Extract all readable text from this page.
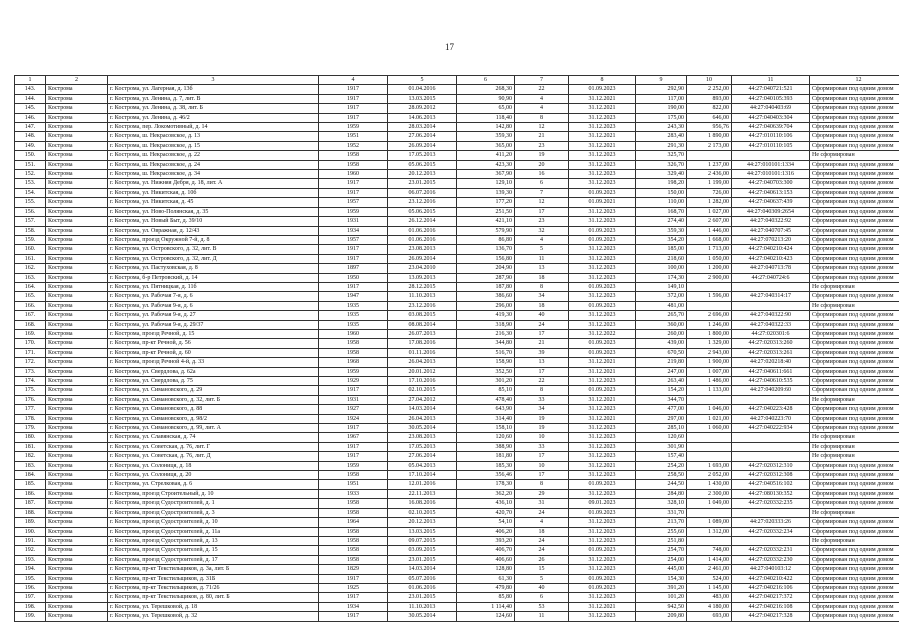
17
1	2	3	4	5	6	7	8	9	10	11	12
143.	Кострома	г. Кострома, ул. Лагерная, д. 13б	1917	01.04.2016	268,30	22	01.09.2023	292,90	2 252,00	44:27:040721:521	Сформирован под одним домом
144.	Кострома	г. Кострома, ул. Ленина, д. 7, лит. В	1917	13.03.2015	90,90	4	31.12.2021	117,00	893,00	44:27:040105:393	Сформирован под одним домом
145.	Кострома	г. Кострома, ул. Ленина, д. 38, лит. Б	1917	28.09.2012	65,00	4	31.12.2021	190,00	822,00	44:27:040403:69	Сформирован под одним домом
146.	Кострома	г. Кострома, ул. Ленина, д. 46/2	1917	14.06.2013	118,40	8	31.12.2023	175,00	646,00	44:27:040403:304	Сформирован под одним домом
147.	Кострома	г. Кострома, пер. Локомотивный, д. 14	1959	28.03.2014	142,80	12	31.12.2023	243,30	956,76	44:27:040639:704	Сформирован под одним домом
148.	Кострома	г. Кострома, ш. Некрасовское, д. 13	1951	27.06.2014	359,30	21	31.12.2021	283,40	1 890,00	44:27:010110:106	Сформирован под одним домом
149.	Кострома	г. Кострома, ш. Некрасовское, д. 15	1952	26.09.2014	365,00	23	31.12.2021	291,30	2 173,00	44:27:010110:105	Сформирован под одним домом
150.	Кострома	г. Кострома, ш. Некрасовское, д. 22	1958	17.05.2013	411,20	19	31.12.2023	325,70			Не сформирован
151.	Кострома	г. Кострома, ш. Некрасовское, д. 24	1958	05.06.2015	423,30	20	31.12.2023	326,70	1 237,00	44:27:010101:1334	Сформирован под одним домом
152.	Кострома	г. Кострома, ш. Некрасовское, д. 34	1960	20.12.2013	367,90	16	31.12.2023	329,40	2 436,00	44:27:010101:1316	Сформирован под одним домом
153.	Кострома	г. Кострома, ул. Нижняя Дебря, д. 18, лит. А	1917	23.01.2015	129,10	6	31.12.2023	198,20	1 199,00	44:27:040703:300	Сформирован под одним домом
154.	Кострома	г. Кострома, ул. Никитская, д. 10б	1917	06.07.2016	139,30	7	01.09.2023	150,00	726,00	44:27:040613:153	Сформирован под одним домом
155.	Кострома	г. Кострома, ул. Никитская, д. 45	1957	23.12.2016	177,20	12	01.09.2021	110,00	1 282,00	44:27:040637:439	Сформирован под одним домом
156.	Кострома	г. Кострома, ул. Ново-Полянская, д. 35	1959	05.06.2015	251,50	17	31.12.2023	168,70	1 027,00	44:27:040309:2654	Сформирован под одним домом
157.	Кострома	г. Кострома, ул. Новый Быт, д. 39/10	1931	26.12.2014	421,10	23	31.12.2023	274,40	2 607,00	44:27:040322:92	Сформирован под одним домом
158.	Кострома	г. Кострома, ул. Овражная, д. 12/43	1934	01.06.2016	579,90	32	01.09.2023	359,30	1 446,00	44:27:040707:45	Сформирован под одним домом
159.	Кострома	г. Кострома, проезд Окружной 7-й, д. 8	1957	01.06.2016	86,80	4	01.09.2023	354,20	1 668,00	44:27:070213:20	Сформирован под одним домом
160.	Кострома	г. Кострома, ул. Островского, д. 32, лит. В	1917	23.08.2013	136,70	5	31.12.2023	185,00	1 713,00	44:27:040210:424	Сформирован под одним домом
161.	Кострома	г. Кострома, ул. Островского, д. 32, лит. Д	1917	26.09.2014	156,80	11	31.12.2023	218,60	1 050,00	44:27:040210:423	Сформирован под одним домом
162.	Кострома	г. Кострома, ул. Пастуховская, д. 8	1897	23.04.2010	204,90	13	31.12.2023	100,00	1 200,00	44:27:040713:78	Сформирован под одним домом
163.	Кострома	г. Кострома, б-р Петровский, д. 14	1950	13.09.2013	287,90	18	31.12.2023	174,30	2 900,00	44:27:040724:6	Сформирован под одним домом
164.	Кострома	г. Кострома, ул. Пятницкая, д. 11б	1917	28.12.2015	187,80	8	01.09.2023	149,10			Не сформирован
165.	Кострома	г. Кострома, ул. Рабочая 7-я, д. 6	1947	11.10.2013	386,60	34	31.12.2023	372,00	1 596,00	44:27:040314:17	Сформирован под одним домом
166.	Кострома	г. Кострома, ул. Рабочая 9-я, д. 6	1935	23.12.2016	296,00	18	01.09.2023	481,00			Не сформирован
167.	Кострома	г. Кострома, ул. Рабочая 9-я, д. 27	1935	03.08.2015	419,30	40	31.12.2023	265,70	2 696,00	44:27:040322:90	Сформирован под одним домом
168.	Кострома	г. Кострома, ул. Рабочая 9-я, д. 29/37	1935	08.08.2014	318,90	24	31.12.2023	360,00	1 246,00	44:27:040322:33	Сформирован под одним домом
169.	Кострома	г. Кострома, проезд Речной, д. 15	1960	26.07.2013	216,30	17	31.12.2022	260,00	1 800,00	44:27:020301:6	Сформирован под одним домом
170.	Кострома	г. Кострома, пр-кт Речной, д. 56	1958	17.08.2016	344,80	21	01.09.2023	439,00	1 329,00	44:27:020313:260	Сформирован под одним домом
171.	Кострома	г. Кострома, пр-кт Речной, д. 60	1958	01.11.2016	516,70	39	01.09.2023	670,50	2 943,00	44:27:020313:261	Сформирован под одним домом
172.	Кострома	г. Кострома, проезд Речной 4-й, д. 33	1968	26.04.2013	158,90	13	31.12.2021	219,80	1 900,00	44:27:020218:40	Сформирован под одним домом
173.	Кострома	г. Кострома, ул. Свердлова, д. 62а	1959	20.01.2012	352,50	17	31.12.2021	247,00	1 007,00	44:27:040611:661	Сформирован под одним домом
174.	Кострома	г. Кострома, ул. Свердлова, д. 75	1929	17.10.2016	301,20	22	31.12.2023	263,40	1 486,00	44:27:040610:535	Сформирован под одним домом
175.	Кострома	г. Кострома, ул. Симановского, д. 29	1917	02.10.2015	85,10	8	01.09.2023	154,20	1 133,00	44:27:040209:60	Сформирован под одним домом
176.	Кострома	г. Кострома, ул. Симановского, д. 32, лит. Б	1931	27.04.2012	478,40	33	31.12.2021	344,70			Не сформирован
177.	Кострома	г. Кострома, ул. Симановского, д. 88	1927	14.03.2014	643,90	34	31.12.2023	477,00	1 046,00	44:27:040223:428	Сформирован под одним домом
178.	Кострома	г. Кострома, ул. Симановского, д. 98/2	1924	26.04.2013	314,40	19	31.12.2021	297,00	1 021,00	44:27:040223:70	Сформирован под одним домом
179.	Кострома	г. Кострома, ул. Симановского, д. 99, лит. А	1917	30.05.2014	158,10	19	31.12.2023	285,10	1 060,00	44:27:040222:934	Сформирован под одним домом
180.	Кострома	г. Кострома, ул. Славянская, д. 74	1967	23.08.2013	120,60	10	31.12.2023	120,60			Не сформирован
181.	Кострома	г. Кострома, ул. Советская, д. 76, лит. Г	1917	17.05.2013	388,90	33	31.12.2023	301,90			Не сформирован
182.	Кострома	г. Кострома, ул. Советская, д. 76, лит. Д	1917	27.06.2014	181,80	17	31.12.2023	157,40			Не сформирован
183.	Кострома	г. Кострома, ул. Солониця, д. 18	1959	05.04.2013	185,30	10	31.12.2021	254,20	1 693,00	44:27:020312:310	Сформирован под одним домом
184.	Кострома	г. Кострома, ул. Солониця, д. 20	1958	17.10.2014	356,46	17	31.12.2023	258,50	2 052,00	44:27:020312:308	Сформирован под одним домом
185.	Кострома	г. Кострома, ул. Стрелковая, д. 6	1951	12.01.2016	178,30	8	01.09.2023	244,50	1 430,00	44:27:040516:102	Сформирован под одним домом
186.	Кострома	г. Кострома, проезд Строительный, д. 10	1933	22.11.2013	362,20	29	31.12.2023	284,80	2 300,00	44:27:080130:352	Сформирован под одним домом
187.	Кострома	г. Кострома, проезд Судостроителей, д. 1	1958	16.08.2016	436,10	31	09.01.2023	328,10	1 049,00	44:27:020332:235	Сформирован под одним домом
188.	Кострома	г. Кострома, проезд Судостроителей, д. 3	1958	02.10.2015	420,70	24	01.09.2023	331,70			Не сформирован
189.	Кострома	г. Кострома, проезд Судостроителей, д. 10	1964	20.12.2013	54,10	4	31.12.2023	213,70	1 089,00	44:27:020333:26	Сформирован под одним домом
190.	Кострома	г. Кострома, проезд Судостроителей, д. 11а	1958	13.03.2015	406,20	18	31.12.2023	255,60	1 312,00	44:27:020332:234	Сформирован под одним домом
191.	Кострома	г. Кострома, проезд Судостроителей, д. 13	1958	09.07.2015	393,20	24	31.12.2023	251,80			Не сформирован
192.	Кострома	г. Кострома, проезд Судостроителей, д. 15	1958	03.09.2015	406,70	24	01.09.2023	254,70	748,00	44:27:020332:231	Сформирован под одним домом
193.	Кострома	г. Кострома, проезд Судостроителей, д. 17	1958	23.01.2015	406,60	26	31.12.2023	254,00	1 414,00	44:27:020332:230	Сформирован под одним домом
194.	Кострома	г. Кострома, пр-кт Текстильщиков, д. 3а, лит. Б	1829	14.03.2014	128,80	15	31.12.2023	445,00	2 461,00	44:27:040103:12	Сформирован под одним домом
195.	Кострома	г. Кострома, пр-кт Текстильщиков, д. 31Б	1917	05.07.2016	61,30	5	01.09.2023	154,30	524,00	44:27:040210:422	Сформирован под одним домом
196.	Кострома	г. Кострома, пр-кт Текстильщиков, д. 71/26	1925	01.06.2016	479,80	40	01.09.2023	391,20	1 145,00	44:27:040216:106	Сформирован под одним домом
197.	Кострома	г. Кострома, пр-кт Текстильщиков, д. 80, лит. Б	1917	23.01.2015	85,80	6	31.12.2023	101,20	483,00	44:27:040217:372	Сформирован под одним домом
198.	Кострома	г. Кострома, ул. Терешковой, д. 18	1934	11.10.2013	1 114,40	53	31.12.2021	942,50	4 180,00	44:27:040216:108	Сформирован под одним домом
199.	Кострома	г. Кострома, ул. Терешковой, д. 32	1917	30.05.2014	124,60	11	31.12.2023	209,80	693,00	44:27:040217:328	Сформирован под одним домом
